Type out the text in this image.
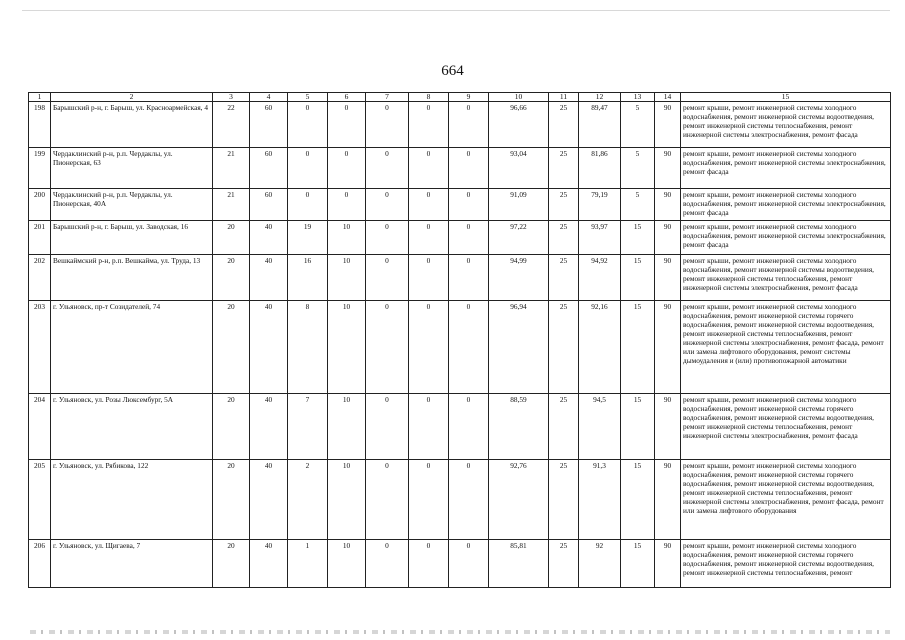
664
1	2	3	4	5	6	7	8	9	10	11	12	13	14	15
198	Барышский р-н, г. Барыш, ул. Красноармейская, 4	22	60	0	0	0	0	0	96,66	25	89,47	5	90	ремонт крыши, ремонт инженерной системы холодного водоснабжения, ремонт инженерной системы водоотведения, ремонт инженерной системы теплоснабжения, ремонт инженерной системы электроснабжения, ремонт фасада
199	Чердаклинский р-н, р.п. Чердаклы, ул. Пионерская, 63	21	60	0	0	0	0	0	93,04	25	81,86	5	90	ремонт крыши, ремонт инженерной системы холодного водоснабжения, ремонт инженерной системы электроснабжения, ремонт фасада
200	Чердаклинский р-н, р.п. Чердаклы, ул. Пионерская, 40А	21	60	0	0	0	0	0	91,09	25	79,19	5	90	ремонт крыши, ремонт инженерной системы холодного водоснабжения, ремонт инженерной системы электроснабжения, ремонт фасада
201	Барышский р-н, г. Барыш, ул. Заводская, 16	20	40	19	10	0	0	0	97,22	25	93,97	15	90	ремонт крыши, ремонт инженерной системы холодного водоснабжения, ремонт инженерной системы электроснабжения, ремонт фасада
202	Вешкаймский р-н, р.п. Вешкайма, ул. Труда, 13	20	40	16	10	0	0	0	94,99	25	94,92	15	90	ремонт крыши, ремонт инженерной системы холодного водоснабжения, ремонт инженерной системы водоотведения, ремонт инженерной системы теплоснабжения, ремонт инженерной системы электроснабжения, ремонт фасада
203	г. Ульяновск, пр-т Созидателей, 74	20	40	8	10	0	0	0	96,94	25	92,16	15	90	ремонт крыши, ремонт инженерной системы холодного водоснабжения, ремонт инженерной системы горячего водоснабжения, ремонт инженерной системы водоотведения, ремонт инженерной системы теплоснабжения, ремонт инженерной системы электроснабжения, ремонт фасада, ремонт или замена лифтового оборудования, ремонт системы дымоудаления и (или) противопожарной автоматики
204	г. Ульяновск, ул. Розы Люксембург, 5А	20	40	7	10	0	0	0	88,59	25	94,5	15	90	ремонт крыши, ремонт инженерной системы холодного водоснабжения, ремонт инженерной системы горячего водоснабжения, ремонт инженерной системы водоотведения, ремонт инженерной системы теплоснабжения, ремонт инженерной системы электроснабжения, ремонт фасада
205	г. Ульяновск, ул. Рябикова, 122	20	40	2	10	0	0	0	92,76	25	91,3	15	90	ремонт крыши, ремонт инженерной системы холодного водоснабжения, ремонт инженерной системы горячего водоснабжения, ремонт инженерной системы водоотведения, ремонт инженерной системы теплоснабжения, ремонт инженерной системы электроснабжения, ремонт фасада, ремонт или замена лифтового оборудования
206	г. Ульяновск, ул. Щигаева, 7	20	40	1	10	0	0	0	85,81	25	92	15	90	ремонт крыши, ремонт инженерной системы холодного водоснабжения, ремонт инженерной системы горячего водоснабжения, ремонт инженерной системы водоотведения, ремонт инженерной системы теплоснабжения, ремонт
